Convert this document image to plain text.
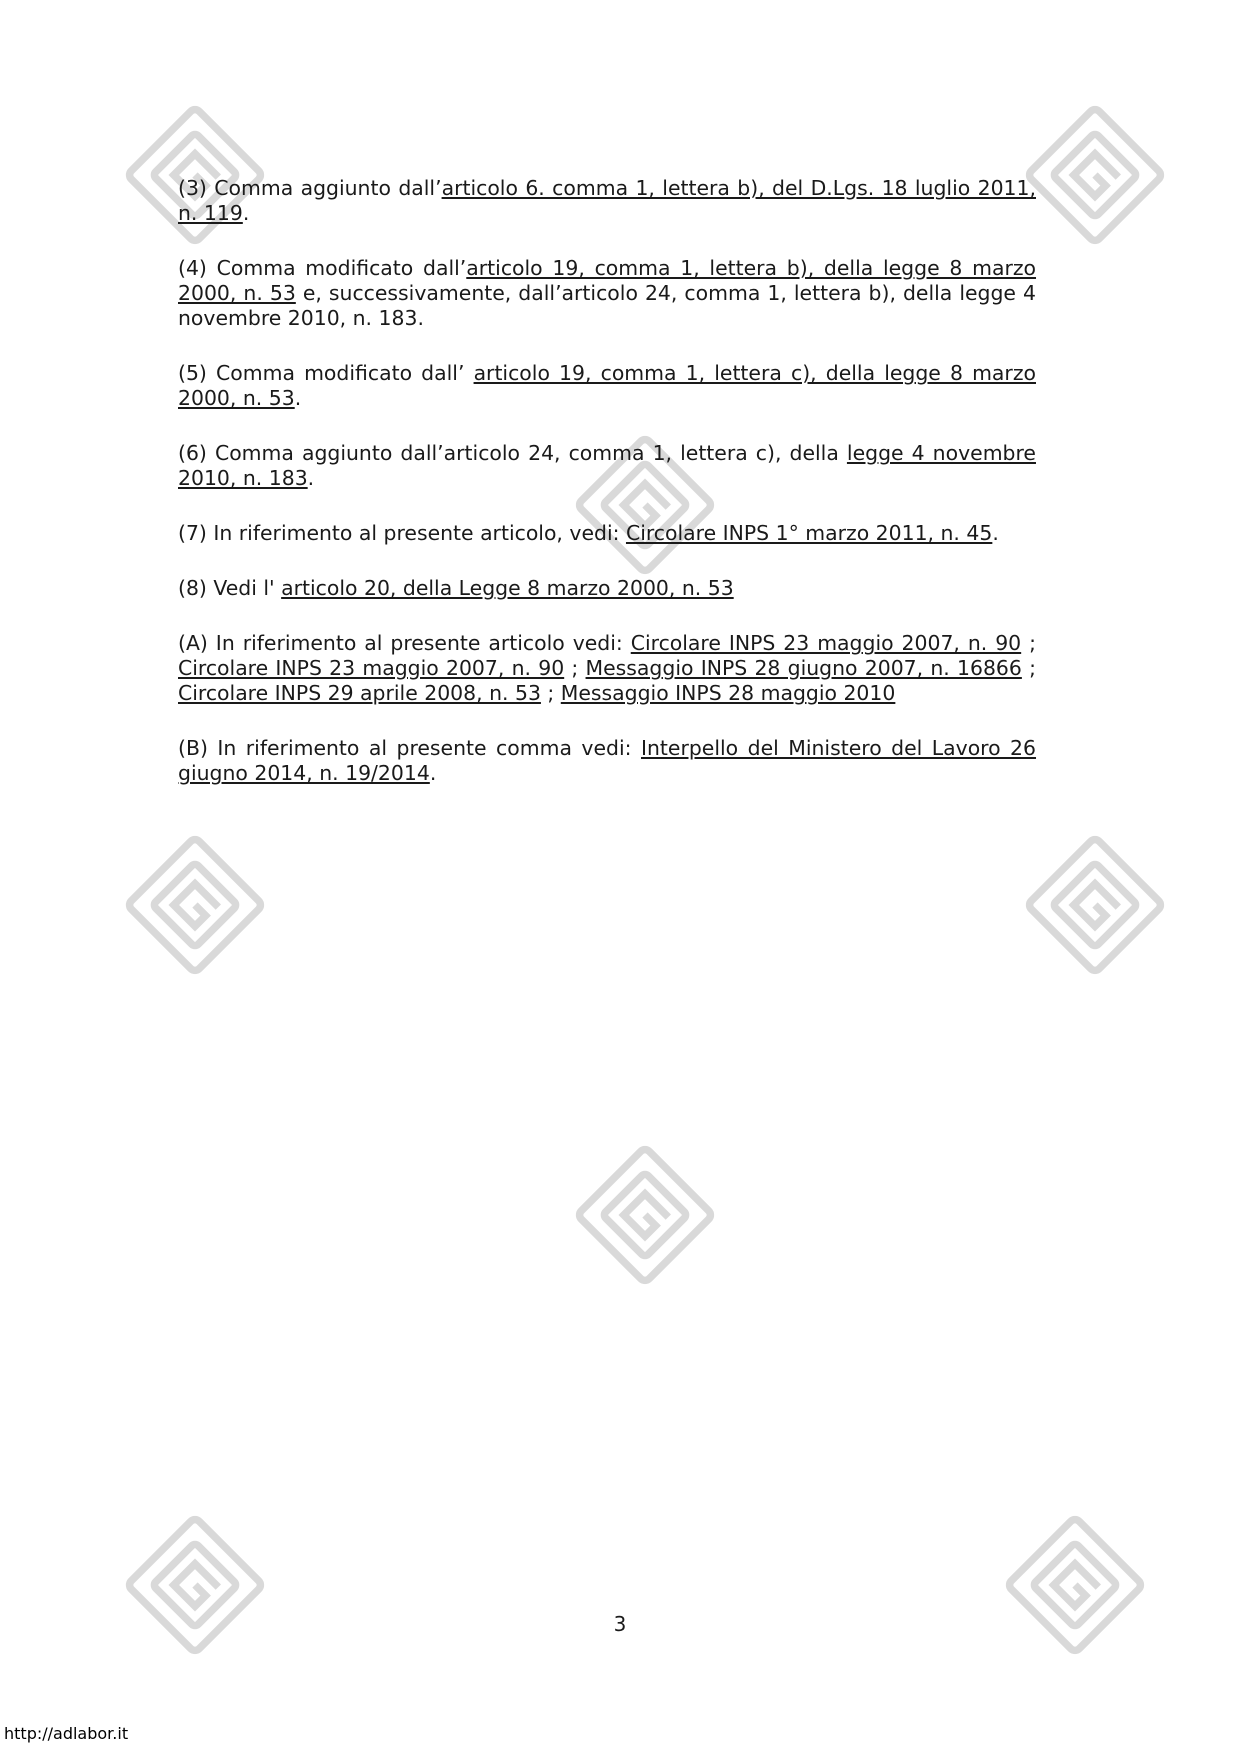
(3) Comma aggiunto dall’articolo 6. comma 1, lettera b), del D.Lgs. 18 luglio 2011, n. 119.

(4) Comma modificato dall’articolo 19, comma 1, lettera b), della legge 8 marzo 2000, n. 53 e, successivamente, dall’articolo 24, comma 1, lettera b), della legge 4 novembre 2010, n. 183.

(5) Comma modificato dall’ articolo 19, comma 1, lettera c), della legge 8 marzo 2000, n. 53.

(6) Comma aggiunto dall’articolo 24, comma 1, lettera c), della legge 4 novembre 2010, n. 183.

(7) In riferimento al presente articolo, vedi: Circolare INPS 1° marzo 2011, n. 45.

(8) Vedi l' articolo 20, della Legge 8 marzo 2000, n. 53

(A) In riferimento al presente articolo vedi: Circolare INPS 23 maggio 2007, n. 90 ; Circolare INPS 23 maggio 2007, n. 90 ; Messaggio INPS 28 giugno 2007, n. 16866 ; Circolare INPS 29 aprile 2008, n. 53 ; Messaggio INPS 28 maggio 2010

(B) In riferimento al presente comma vedi: Interpello del Ministero del Lavoro 26 giugno 2014, n. 19/2014.

3
http://adlabor.it
